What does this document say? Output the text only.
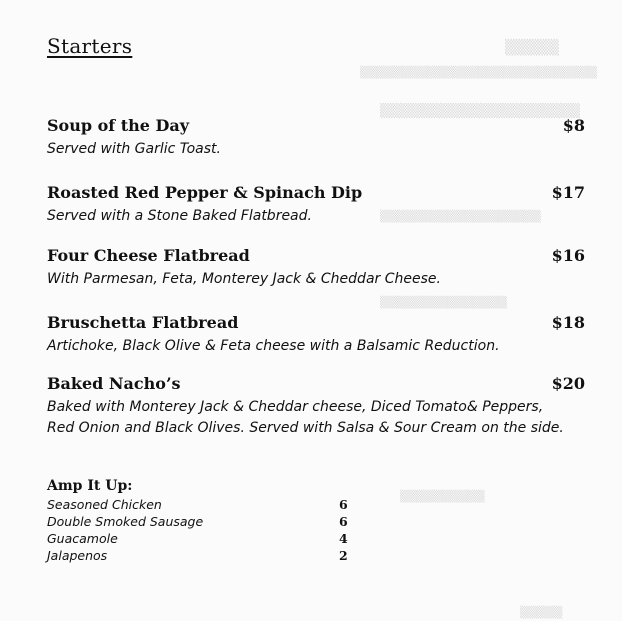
▒▒▒▒▒
▒▒▒▒▒▒▒▒▒▒▒▒▒▒▒▒▒▒▒▒▒▒▒▒▒▒▒▒
▒▒▒▒▒▒▒▒▒▒▒▒▒▒▒▒▒▒▒▒
▒▒▒▒▒▒▒▒▒▒▒▒▒▒▒▒▒▒▒
▒▒▒▒▒▒▒▒▒▒▒▒▒▒▒
▒▒▒▒▒▒▒▒▒▒
▒▒▒▒▒
Starters
Soup of the Day	$8
Served with Garlic Toast.
Roasted Red Pepper & Spinach Dip	$17
Served with a Stone Baked Flatbread.
Four Cheese Flatbread	$16
With Parmesan, Feta, Monterey Jack & Cheddar Cheese.
Bruschetta Flatbread	$18
Artichoke, Black Olive & Feta cheese with a Balsamic Reduction.
Baked Nacho’s	$20
Baked with Monterey Jack & Cheddar cheese, Diced Tomato& Peppers, Red Onion and Black Olives. Served with Salsa & Sour Cream on the side.
Amp It Up:
Seasoned Chicken	6
Double Smoked Sausage	6
Guacamole	4
Jalapenos	2
